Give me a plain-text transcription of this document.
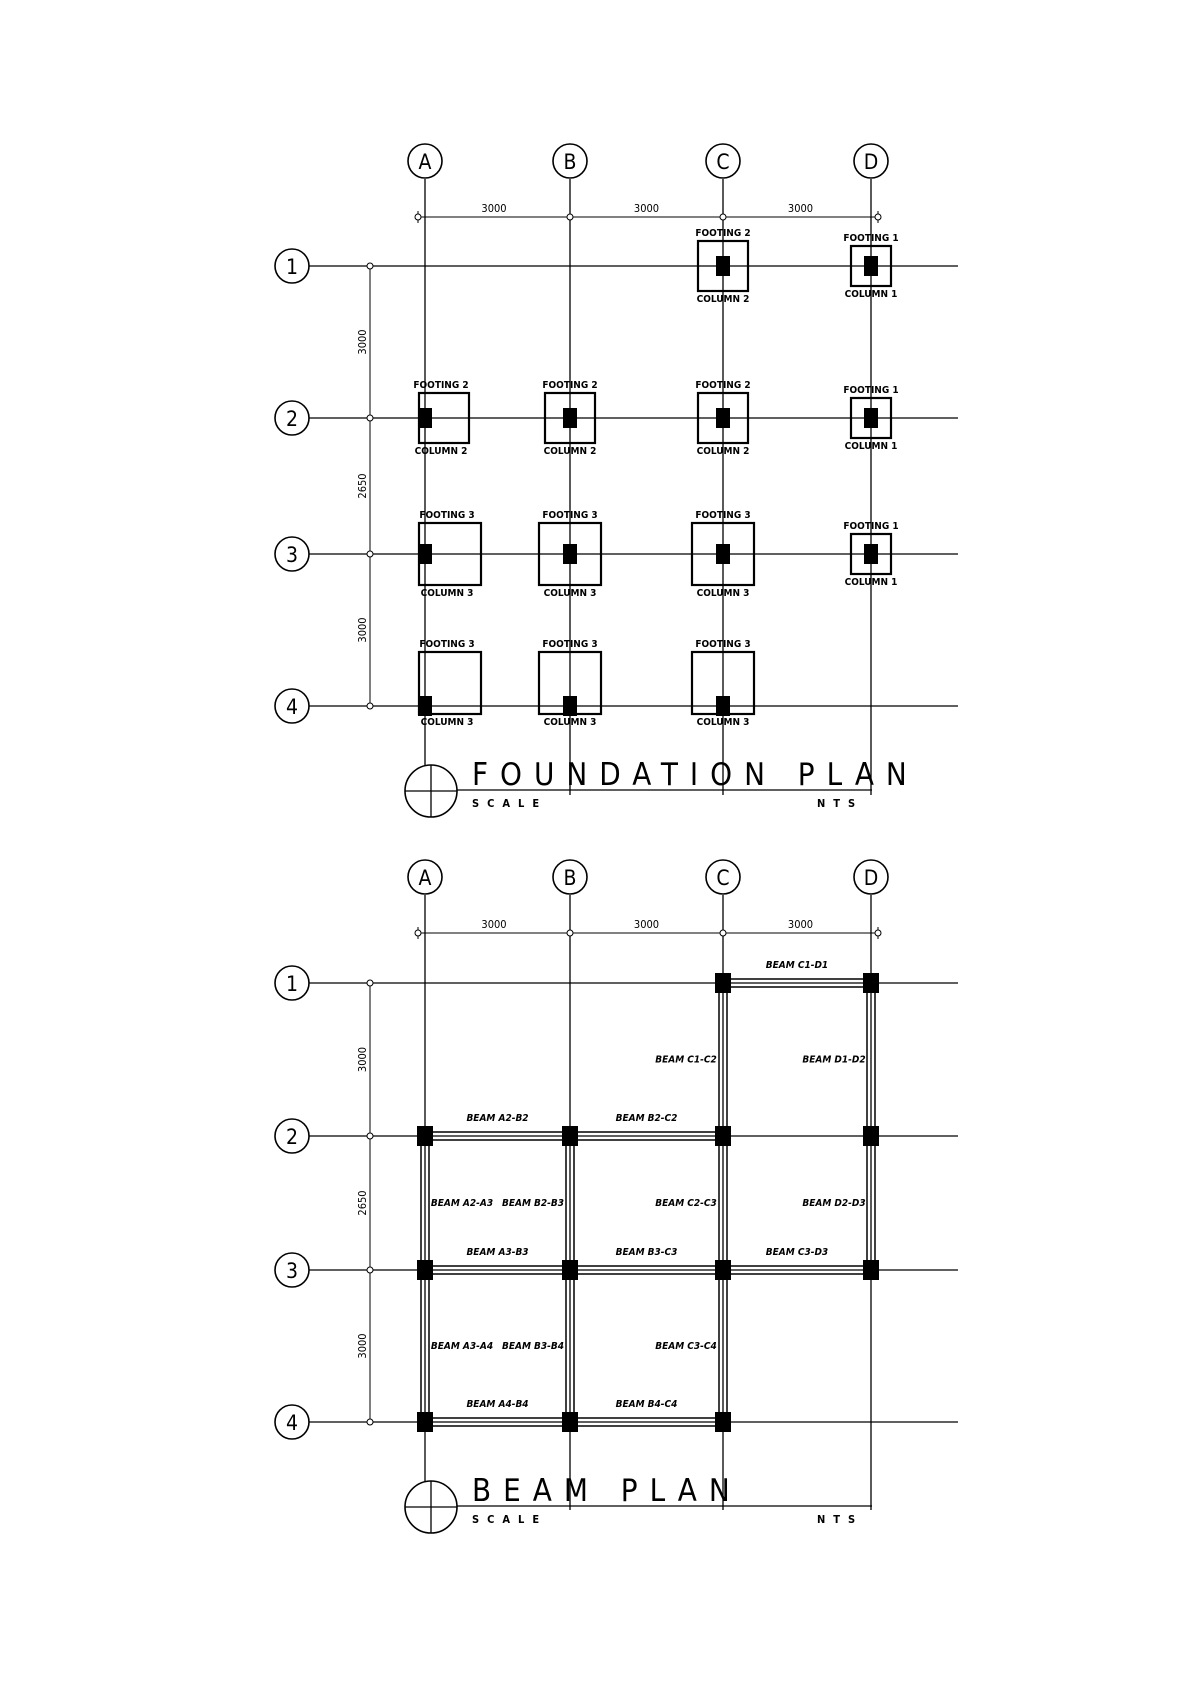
A	B	C	D
1
2
3
4
3000	3000	3000
3000
2650
3000
FOUNDATION PLAN
SCALE	NTS
FOOTING 2
COLUMN 2
FOOTING 1
COLUMN 1
FOOTING 2
COLUMN 2
FOOTING 2
COLUMN 2
FOOTING 2
COLUMN 2
FOOTING 1
COLUMN 1
FOOTING 3
COLUMN 3
FOOTING 3
COLUMN 3
FOOTING 3
COLUMN 3
FOOTING 1
COLUMN 1
FOOTING 3
COLUMN 3
FOOTING 3
COLUMN 3
FOOTING 3
COLUMN 3
A	B	C	D
1
2
3
4
3000	3000	3000
3000
2650
3000
BEAM PLAN
SCALE	NTS
BEAM C1-D1
BEAM C1-C2	BEAM D1-D2
BEAM A2-B2	BEAM B2-C2
BEAM A2-A3 BEAM B2-B3	BEAM C2-C3	BEAM D2-D3
BEAM A3-B3	BEAM B3-C3	BEAM C3-D3
BEAM A3-A4 BEAM B3-B4	BEAM C3-C4
BEAM A4-B4	BEAM B4-C4
